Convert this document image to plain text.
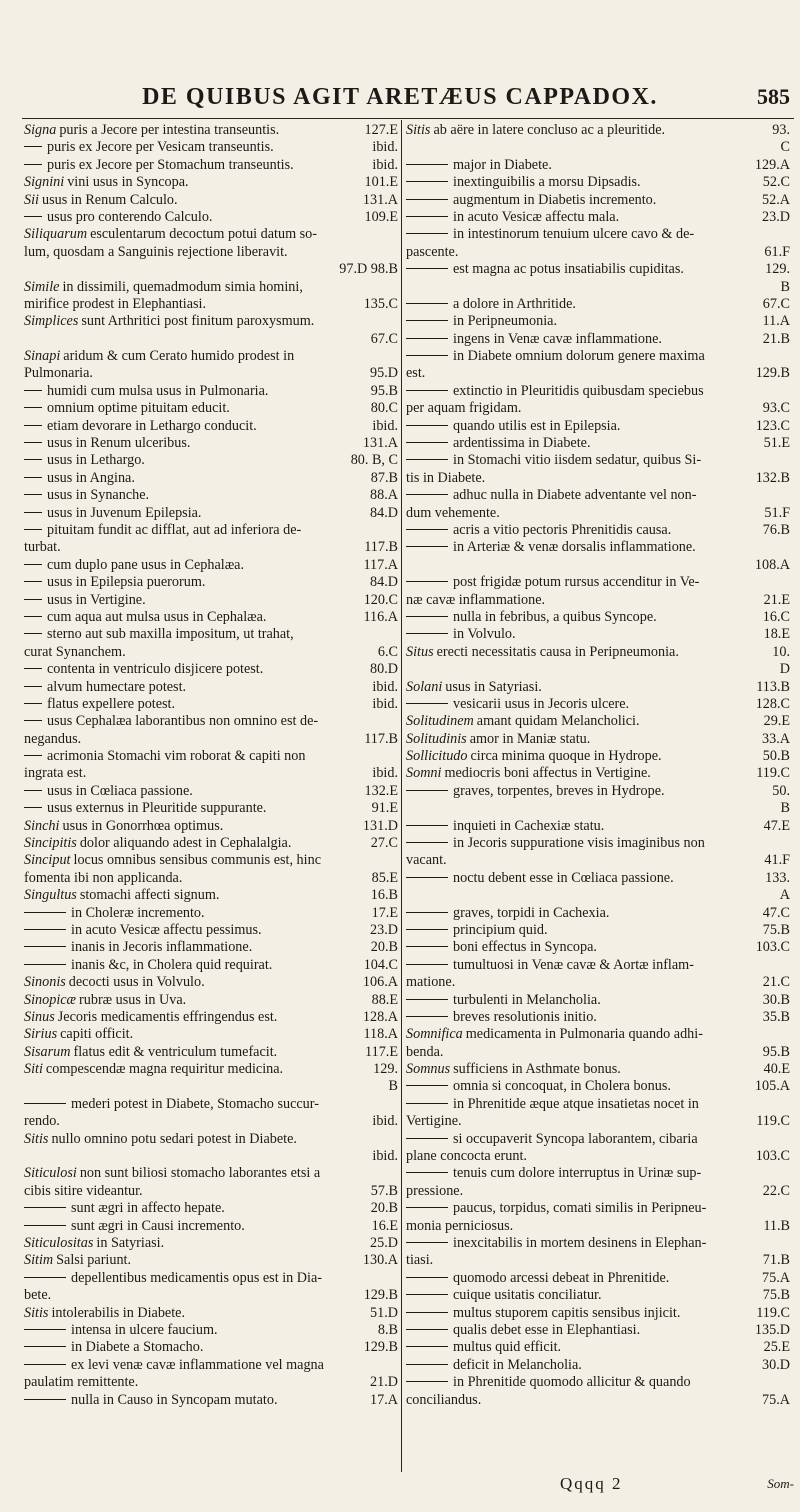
DE QUIBUS AGIT ARETÆUS CAPPADOX.	585
Signa puris a Jecore per intestina transeuntis.	127.E
puris ex Jecore per Vesicam transeuntis.	ibid.
puris ex Jecore per Stomachum transeuntis.	ibid.
Signini vini usus in Syncopa.	101.E
Sii usus in Renum Calculo.	131.A
usus pro conterendo Calculo.	109.E
Siliquarum esculentarum decoctum potui datum so-
lum, quosdam a Sanguinis rejectione liberavit.
97.D 98.B
Simile in dissimili, quemadmodum simia homini,
mirifice prodest in Elephantiasi.	135.C
Simplices sunt Arthritici post finitum paroxysmum.
67.C
Sinapi aridum & cum Cerato humido prodest in
Pulmonaria.	95.D
humidi cum mulsa usus in Pulmonaria.	95.B
omnium optime pituitam educit.	80.C
etiam devorare in Lethargo conducit.	ibid.
usus in Renum ulceribus.	131.A
usus in Lethargo.	80. B, C
usus in Angina.	87.B
usus in Synanche.	88.A
usus in Juvenum Epilepsia.	84.D
pituitam fundit ac difflat, aut ad inferiora de-
turbat.	117.B
cum duplo pane usus in Cephalæa.	117.A
usus in Epilepsia puerorum.	84.D
usus in Vertigine.	120.C
cum aqua aut mulsa usus in Cephalæa.	116.A
sterno aut sub maxilla impositum, ut trahat,
curat Synanchem.	6.C
contenta in ventriculo disjicere potest.	80.D
alvum humectare potest.	ibid.
flatus expellere potest.	ibid.
usus Cephalæa laborantibus non omnino est de-
negandus.	117.B
acrimonia Stomachi vim roborat & capiti non
ingrata est.	ibid.
usus in Cœliaca passione.	132.E
usus externus in Pleuritide suppurante.	91.E
Sinchi usus in Gonorrhœa optimus.	131.D
Sincipitis dolor aliquando adest in Cephalalgia.	27.C
Sinciput locus omnibus sensibus communis est, hinc
fomenta ibi non applicanda.	85.E
Singultus stomachi affecti signum.	16.B
in Choleræ incremento.	17.E
in acuto Vesicæ affectu pessimus.	23.D
inanis in Jecoris inflammatione.	20.B
inanis &c, in Cholera quid requirat.	104.C
Sinonis decocti usus in Volvulo.	106.A
Sinopicæ rubræ usus in Uva.	88.E
Sinus Jecoris medicamentis effringendus est.	128.A
Sirius capiti officit.	118.A
Sisarum flatus edit & ventriculum tumefacit.	117.E
Siti compescendæ magna requiritur medicina.	129.
B
mederi potest in Diabete, Stomacho succur-
rendo.	ibid.
Sitis nullo omnino potu sedari potest in Diabete.
ibid.
Siticulosi non sunt biliosi stomacho laborantes etsi a
cibis sitire videantur.	57.B
sunt ægri in affecto hepate.	20.B
sunt ægri in Causi incremento.	16.E
Siticulositas in Satyriasi.	25.D
Sitim Salsi pariunt.	130.A
depellentibus medicamentis opus est in Dia-
bete.	129.B
Sitis intolerabilis in Diabete.	51.D
intensa in ulcere faucium.	8.B
in Diabete a Stomacho.	129.B
ex levi venæ cavæ inflammatione vel magna
paulatim remittente.	21.D
nulla in Causo in Syncopam mutato.	17.A
Sitis ab aëre in latere concluso ac a pleuritide.	93.
C
major in Diabete.	129.A
inextinguibilis a morsu Dipsadis.	52.C
augmentum in Diabetis incremento.	52.A
in acuto Vesicæ affectu mala.	23.D
in intestinorum tenuium ulcere cavo & de-
pascente.	61.F
est magna ac potus insatiabilis cupiditas.	129.
B
a dolore in Arthritide.	67.C
in Peripneumonia.	11.A
ingens in Venæ cavæ inflammatione.	21.B
in Diabete omnium dolorum genere maxima
est.	129.B
extinctio in Pleuritidis quibusdam speciebus
per aquam frigidam.	93.C
quando utilis est in Epilepsia.	123.C
ardentissima in Diabete.	51.E
in Stomachi vitio iisdem sedatur, quibus Si-
tis in Diabete.	132.B
adhuc nulla in Diabete adventante vel non-
dum vehemente.	51.F
acris a vitio pectoris Phrenitidis causa.	76.B
in Arteriæ & venæ dorsalis inflammatione.
108.A
post frigidæ potum rursus accenditur in Ve-
næ cavæ inflammatione.	21.E
nulla in febribus, a quibus Syncope.	16.C
in Volvulo.	18.E
Situs erecti necessitatis causa in Peripneumonia.	10.
D
Solani usus in Satyriasi.	113.B
vesicarii usus in Jecoris ulcere.	128.C
Solitudinem amant quidam Melancholici.	29.E
Solitudinis amor in Maniæ statu.	33.A
Sollicitudo circa minima quoque in Hydrope.	50.B
Somni mediocris boni affectus in Vertigine.	119.C
graves, torpentes, breves in Hydrope.	50.
B
inquieti in Cachexiæ statu.	47.E
in Jecoris suppuratione visis imaginibus non
vacant.	41.F
noctu debent esse in Cœliaca passione.	133.
A
graves, torpidi in Cachexia.	47.C
principium quid.	75.B
boni effectus in Syncopa.	103.C
tumultuosi in Venæ cavæ & Aortæ inflam-
matione.	21.C
turbulenti in Melancholia.	30.B
breves resolutionis initio.	35.B
Somnifica medicamenta in Pulmonaria quando adhi-
benda.	95.B
Somnus sufficiens in Asthmate bonus.	40.E
omnia si concoquat, in Cholera bonus.	105.A
in Phrenitide æque atque insatietas nocet in
Vertigine.	119.C
si occupaverit Syncopa laborantem, cibaria
plane concocta erunt.	103.C
tenuis cum dolore interruptus in Urinæ sup-
pressione.	22.C
paucus, torpidus, comati similis in Peripneu-
monia perniciosus.	11.B
inexcitabilis in mortem desinens in Elephan-
tiasi.	71.B
quomodo arcessi debeat in Phrenitide.	75.A
cuique usitatis conciliatur.	75.B
multus stuporem capitis sensibus injicit.	119.C
qualis debet esse in Elephantiasi.	135.D
multus quid efficit.	25.E
deficit in Melancholia.	30.D
in Phrenitide quomodo allicitur & quando
conciliandus.	75.A
Qqqq 2	Som-
